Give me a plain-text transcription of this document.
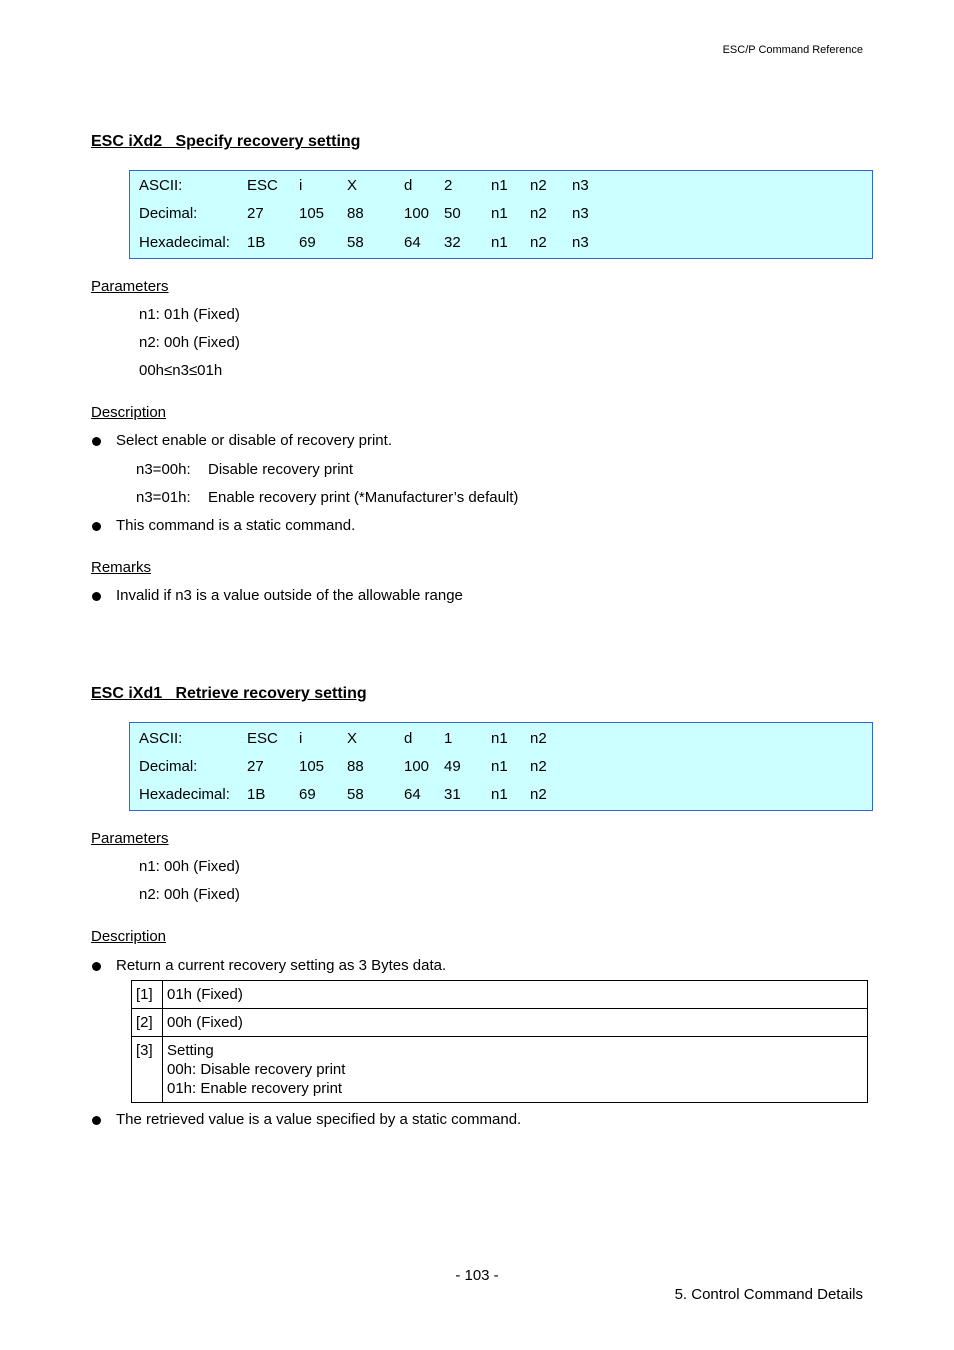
ESC/P Command Reference
ESC iXd2   Specify recovery setting
ASCII:	ESC i	X	d 2	n1 n2 n3
Decimal:	27 105 88	100 50 n1 n2 n3
Hexadecimal: 1B 69 58	64 32 n1 n2 n3
Parameters
n1: 01h (Fixed)
n2: 00h (Fixed)
00h≤n3≤01h
Description
Select enable or disable of recovery print.
n3=00h: Disable recovery print
n3=01h: Enable recovery print (*Manufacturer’s default)
This command is a static command.
Remarks
Invalid if n3 is a value outside of the allowable range
ESC iXd1   Retrieve recovery setting
ASCII:	ESC i	X	d 1	n1 n2
Decimal:	27 105 88	100 49 n1 n2
Hexadecimal: 1B 69 58	64 31 n1 n2
Parameters
n1: 00h (Fixed)
n2: 00h (Fixed)
Description
Return a current recovery setting as 3 Bytes data.
[1]	01h (Fixed)
[2]	00h (Fixed)
[3]	Setting
00h: Disable recovery print
01h: Enable recovery print
The retrieved value is a value specified by a static command.
- 103 -
5. Control Command Details
